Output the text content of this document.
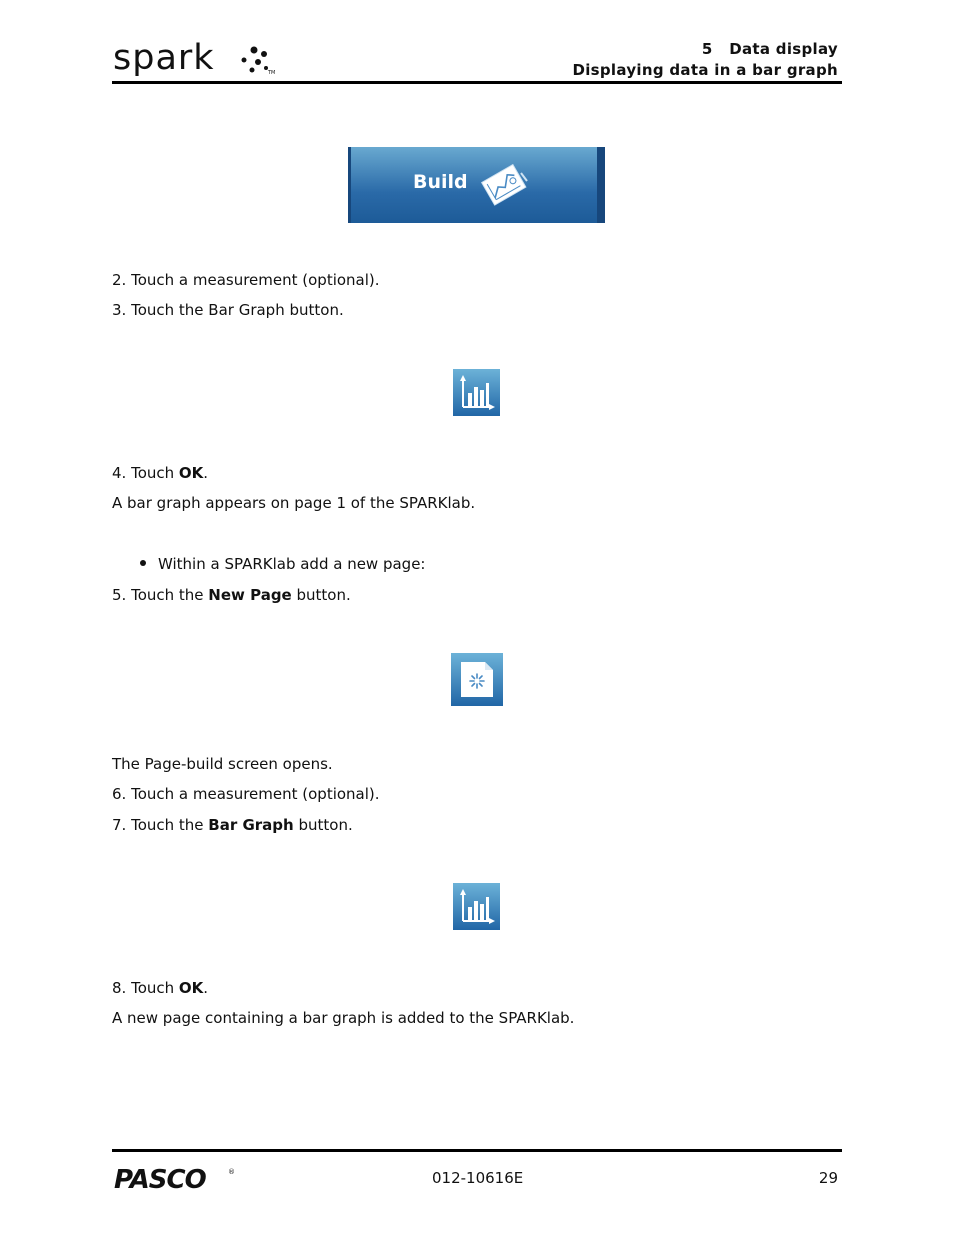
spark	TM
5 Data display
Displaying data in a bar graph
Build
2. Touch a measurement (optional).
3. Touch the Bar Graph button.
4. Touch OK.
A bar graph appears on page 1 of the SPARKlab.
Within a SPARKlab add a new page:
5. Touch the New Page button.
The Page-build screen opens.
6. Touch a measurement (optional).
7. Touch the Bar Graph button.
8. Touch OK.
A new page containing a bar graph is added to the SPARKlab.
PASCO	®	012-10616E	29
